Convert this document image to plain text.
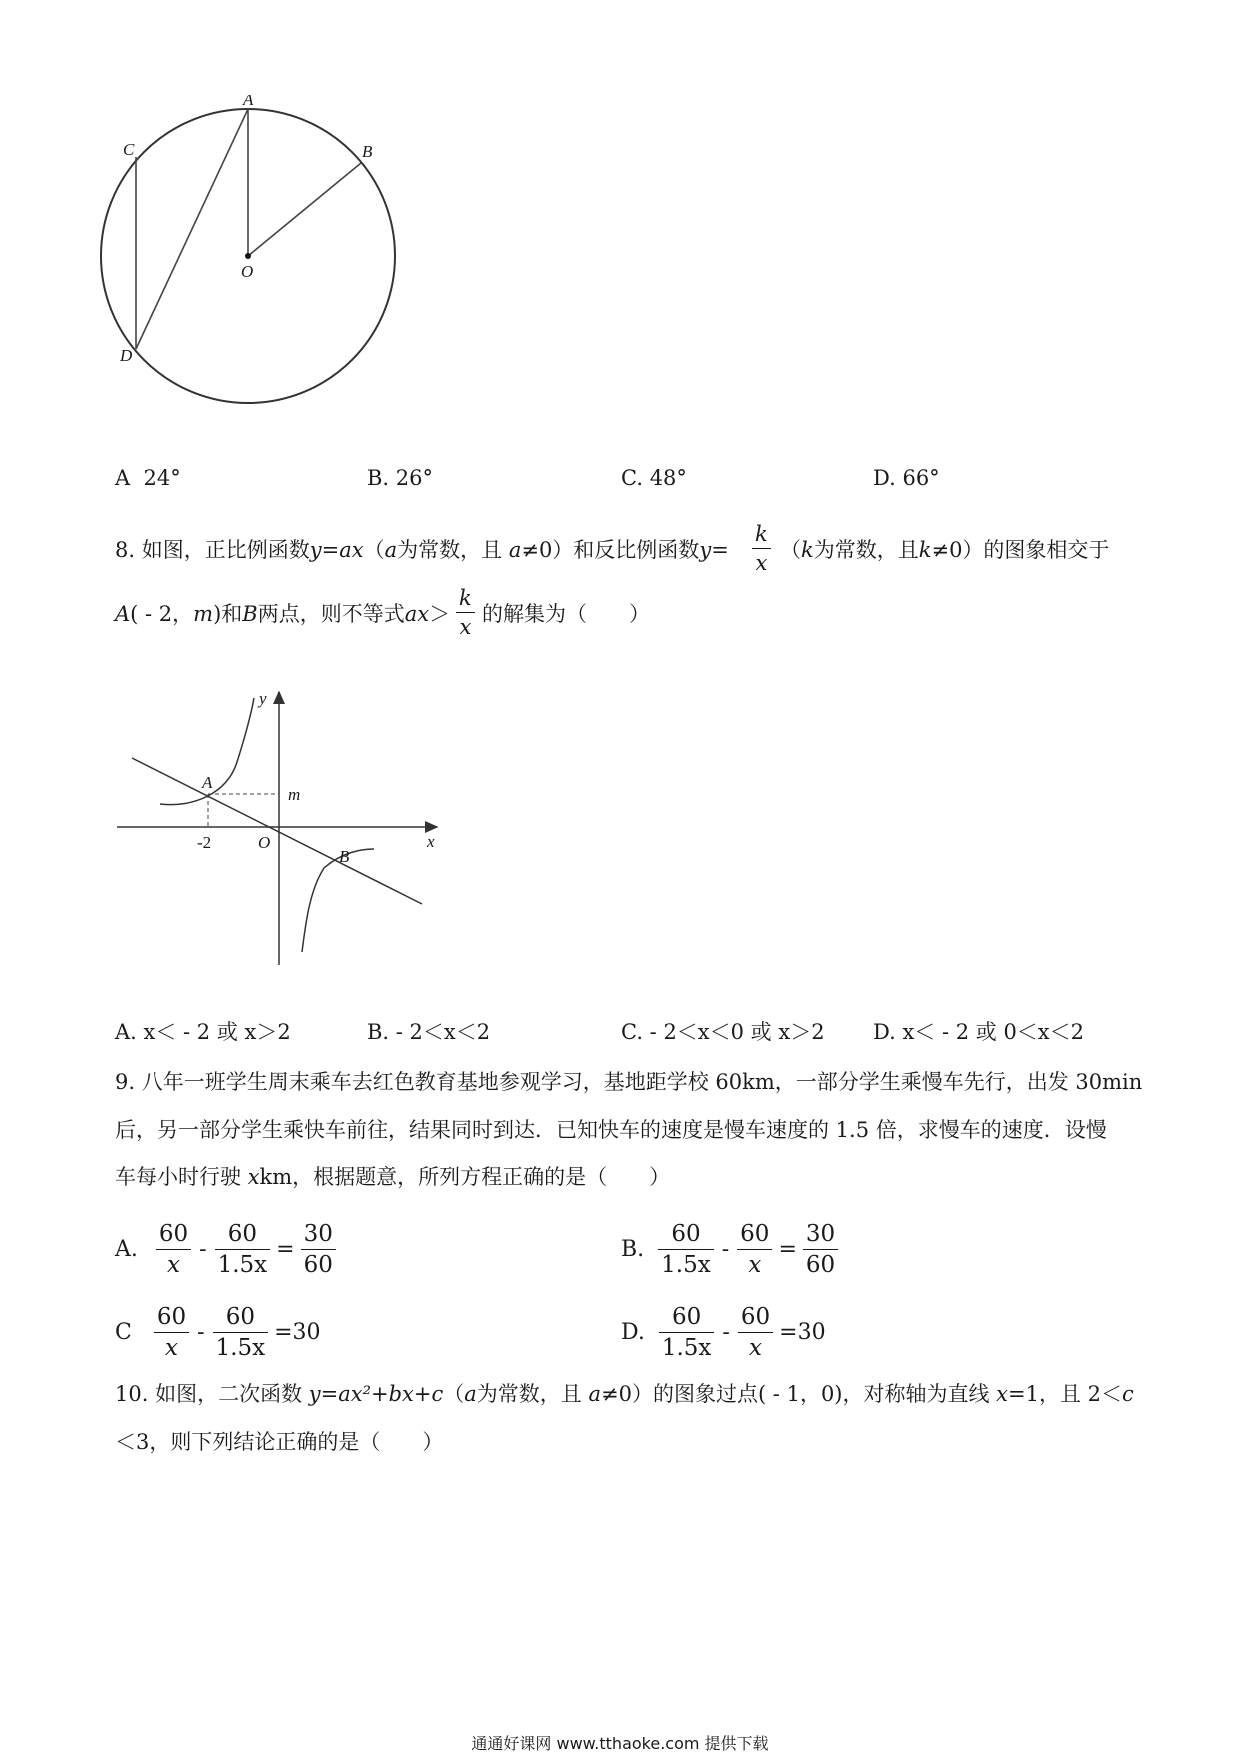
A
B
C
D
O
A 24°	B. 26°	C. 48°	D. 66°
8. 如图，正比例函数y=ax（a为常数，且 a≠0）和反比例函数y=
k
x
（k为常数，且k≠0）的图象相交于
A( - 2，m)和B两点，则不等式ax＞
k
x
的解集为（　　）
y
x
O
A
B
-2
m
A. x＜ - 2 或 x＞2	B. - 2＜x＜2	C. - 2＜x＜0 或 x＞2 D. x＜ - 2 或 0＜x＜2
9. 八年一班学生周末乘车去红色教育基地参观学习，基地距学校 60km，一部分学生乘慢车先行，出发 30min
后，另一部分学生乘快车前往，结果同时到达．已知快车的速度是慢车速度的 1.5 倍，求慢车的速度．设慢
车每小时行驶 xkm，根据题意，所列方程正确的是（　　）
A. $\frac{60}{x} - \frac{60}{1.5x} = \frac{30}{60}$	B. $\frac{60}{1.5x} - \frac{60}{x} = \frac{30}{60}$
C $\frac{60}{x} - \frac{60}{1.5x} =30$	D. $\frac{60}{1.5x} - \frac{60}{x} =30$
10. 如图，二次函数 y=ax²+bx+c（a为常数，且 a≠0）的图象过点( - 1，0)，对称轴为直线 x=1，且 2＜c
＜3，则下列结论正确的是（　　）
通通好课网 www.tthaoke.com 提供下载
